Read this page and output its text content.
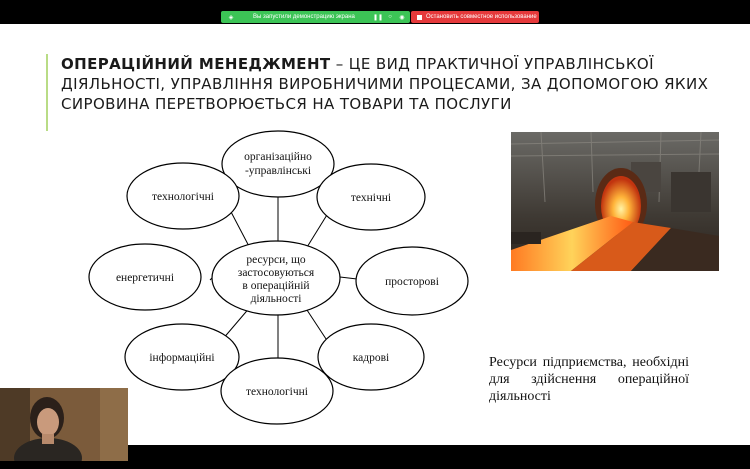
◈	Вы запустили демонстрацию экрана	❚❚ ○	◉	Остановить совместное использование
ОПЕРАЦІЙНИЙ МЕНЕДЖМЕНТ – ЦЕ ВИД ПРАКТИЧНОЇ УПРАВЛІНСЬКОЇ ДІЯЛЬНОСТІ, УПРАВЛІННЯ ВИРОБНИЧИМИ ПРОЦЕСАМИ, ЗА ДОПОМОГОЮ ЯКИХ СИРОВИНА ПЕРЕТВОРЮЄТЬСЯ НА ТОВАРИ ТА ПОСЛУГИ
організаційно
-управлінські
технологічні	технічні
енергетичні	просторові
інформаційні	кадрові
технологічні
ресурси, що
застосовуються
в операційній
діяльності
Ресурси підприємства, необхідні для здійснення операційної діяльності
